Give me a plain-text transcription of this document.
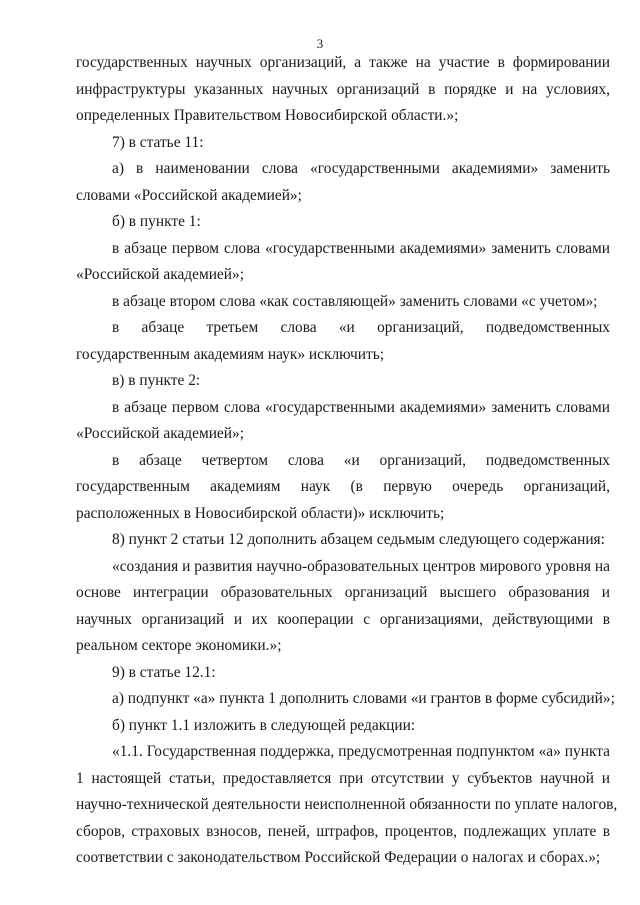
3
государственных научных организаций, а также на участие в формировании
инфраструктуры указанных научных организаций в порядке и на условиях,
определенных Правительством Новосибирской области.»;
7) в статье 11:
а) в наименовании слова «государственными академиями» заменить
словами «Российской академией»;
б) в пункте 1:
в абзаце первом слова «государственными академиями» заменить словами
«Российской академией»;
в абзаце втором слова «как составляющей» заменить словами «с учетом»;
в абзаце третьем слова «и организаций, подведомственных
государственным академиям наук» исключить;
в) в пункте 2:
в абзаце первом слова «государственными академиями» заменить словами
«Российской академией»;
в абзаце четвертом слова «и организаций, подведомственных
государственным академиям наук (в первую очередь организаций,
расположенных в Новосибирской области)» исключить;
8) пункт 2 статьи 12 дополнить абзацем седьмым следующего содержания:
«создания и развития научно-образовательных центров мирового уровня на
основе интеграции образовательных организаций высшего образования и
научных организаций и их кооперации с организациями, действующими в
реальном секторе экономики.»;
9) в статье 12.1:
а) подпункт «а» пункта 1 дополнить словами «и грантов в форме субсидий»;
б) пункт 1.1 изложить в следующей редакции:
«1.1. Государственная поддержка, предусмотренная подпунктом «а» пункта
1 настоящей статьи, предоставляется при отсутствии у субъектов научной и
научно-технической деятельности неисполненной обязанности по уплате налогов,
сборов, страховых взносов, пеней, штрафов, процентов, подлежащих уплате в
соответствии с законодательством Российской Федерации о налогах и сборах.»;
